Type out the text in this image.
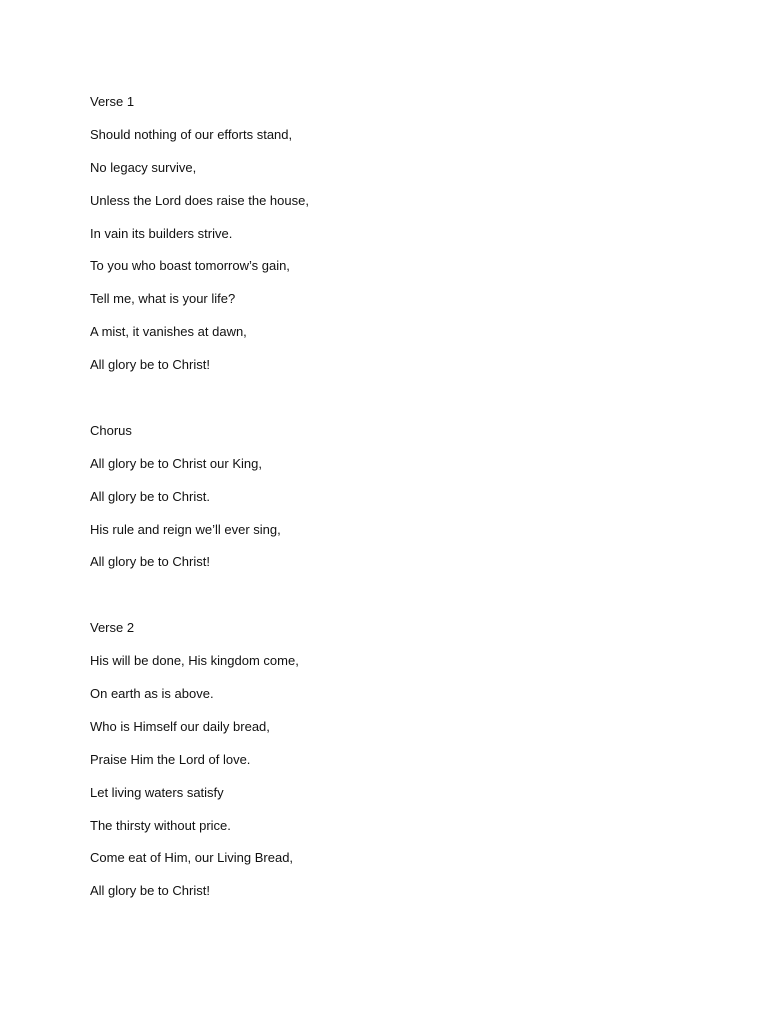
Verse 1
Should nothing of our efforts stand,
No legacy survive,
Unless the Lord does raise the house,
In vain its builders strive.
To you who boast tomorrow’s gain,
Tell me, what is your life?
A mist, it vanishes at dawn,
All glory be to Christ!
Chorus
All glory be to Christ our King,
All glory be to Christ.
His rule and reign we’ll ever sing,
All glory be to Christ!
Verse 2
His will be done, His kingdom come,
On earth as is above.
Who is Himself our daily bread,
Praise Him the Lord of love.
Let living waters satisfy
The thirsty without price.
Come eat of Him, our Living Bread,
All glory be to Christ!
